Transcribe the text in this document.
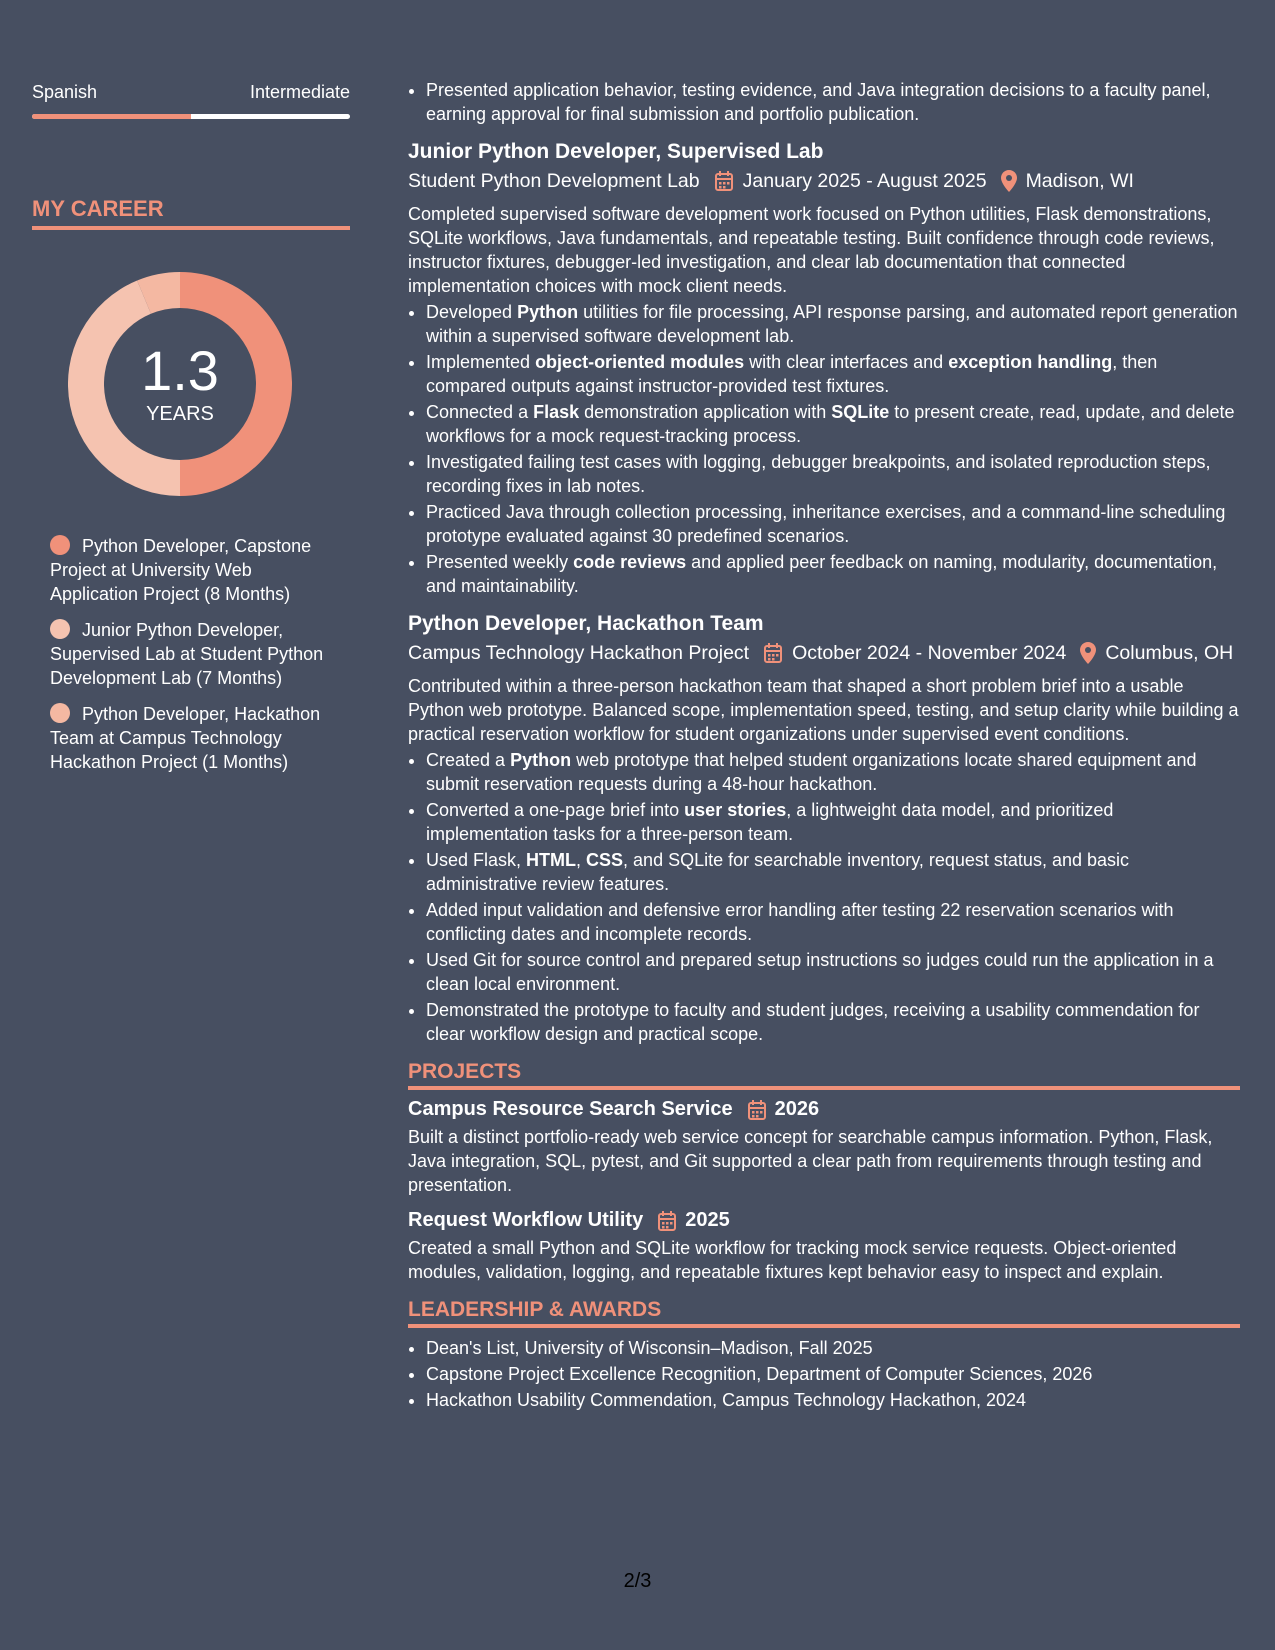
Spanish	Intermediate
MY CAREER
1.3
YEARS
Python Developer, Capstone Project at University Web Application Project (8 Months)
Junior Python Developer, Supervised Lab at Student Python Development Lab (7 Months)
Python Developer, Hackathon Team at Campus Technology Hackathon Project (1 Months)
• Presented application behavior, testing evidence, and Java integration decisions to a faculty panel, earning approval for final submission and portfolio publication.
Junior Python Developer, Supervised Lab
Student Python Development Lab January 2025 - August 2025 Madison, WI

Completed supervised software development work focused on Python utilities, Flask demonstrations, SQLite workflows, Java fundamentals, and repeatable testing. Built confidence through code reviews, instructor fixtures, debugger-led investigation, and clear lab documentation that connected implementation choices with mock client needs.

• Developed Python utilities for file processing, API response parsing, and automated report generation within a supervised software development lab.
• Implemented object-oriented modules with clear interfaces and exception handling, then compared outputs against instructor-provided test fixtures.
• Connected a Flask demonstration application with SQLite to present create, read, update, and delete workflows for a mock request-tracking process.
• Investigated failing test cases with logging, debugger breakpoints, and isolated reproduction steps, recording fixes in lab notes.
• Practiced Java through collection processing, inheritance exercises, and a command-line scheduling prototype evaluated against 30 predefined scenarios.
• Presented weekly code reviews and applied peer feedback on naming, modularity, documentation, and maintainability.
Python Developer, Hackathon Team
Campus Technology Hackathon Project October 2024 - November 2024 Columbus, OH

Contributed within a three-person hackathon team that shaped a short problem brief into a usable Python web prototype. Balanced scope, implementation speed, testing, and setup clarity while building a practical reservation workflow for student organizations under supervised event conditions.

• Created a Python web prototype that helped student organizations locate shared equipment and submit reservation requests during a 48-hour hackathon.
• Converted a one-page brief into user stories, a lightweight data model, and prioritized implementation tasks for a three-person team.
• Used Flask, HTML, CSS, and SQLite for searchable inventory, request status, and basic administrative review features.
• Added input validation and defensive error handling after testing 22 reservation scenarios with conflicting dates and incomplete records.
• Used Git for source control and prepared setup instructions so judges could run the application in a clean local environment.
• Demonstrated the prototype to faculty and student judges, receiving a usability commendation for clear workflow design and practical scope.
PROJECTS
Campus Resource Search Service 2026

Built a distinct portfolio-ready web service concept for searchable campus information. Python, Flask, Java integration, SQL, pytest, and Git supported a clear path from requirements through testing and presentation.

Request Workflow Utility 2025

Created a small Python and SQLite workflow for tracking mock service requests. Object-oriented modules, validation, logging, and repeatable fixtures kept behavior easy to inspect and explain.

LEADERSHIP & AWARDS
• Dean's List, University of Wisconsin–Madison, Fall 2025
• Capstone Project Excellence Recognition, Department of Computer Sciences, 2026
• Hackathon Usability Commendation, Campus Technology Hackathon, 2024
2/3
